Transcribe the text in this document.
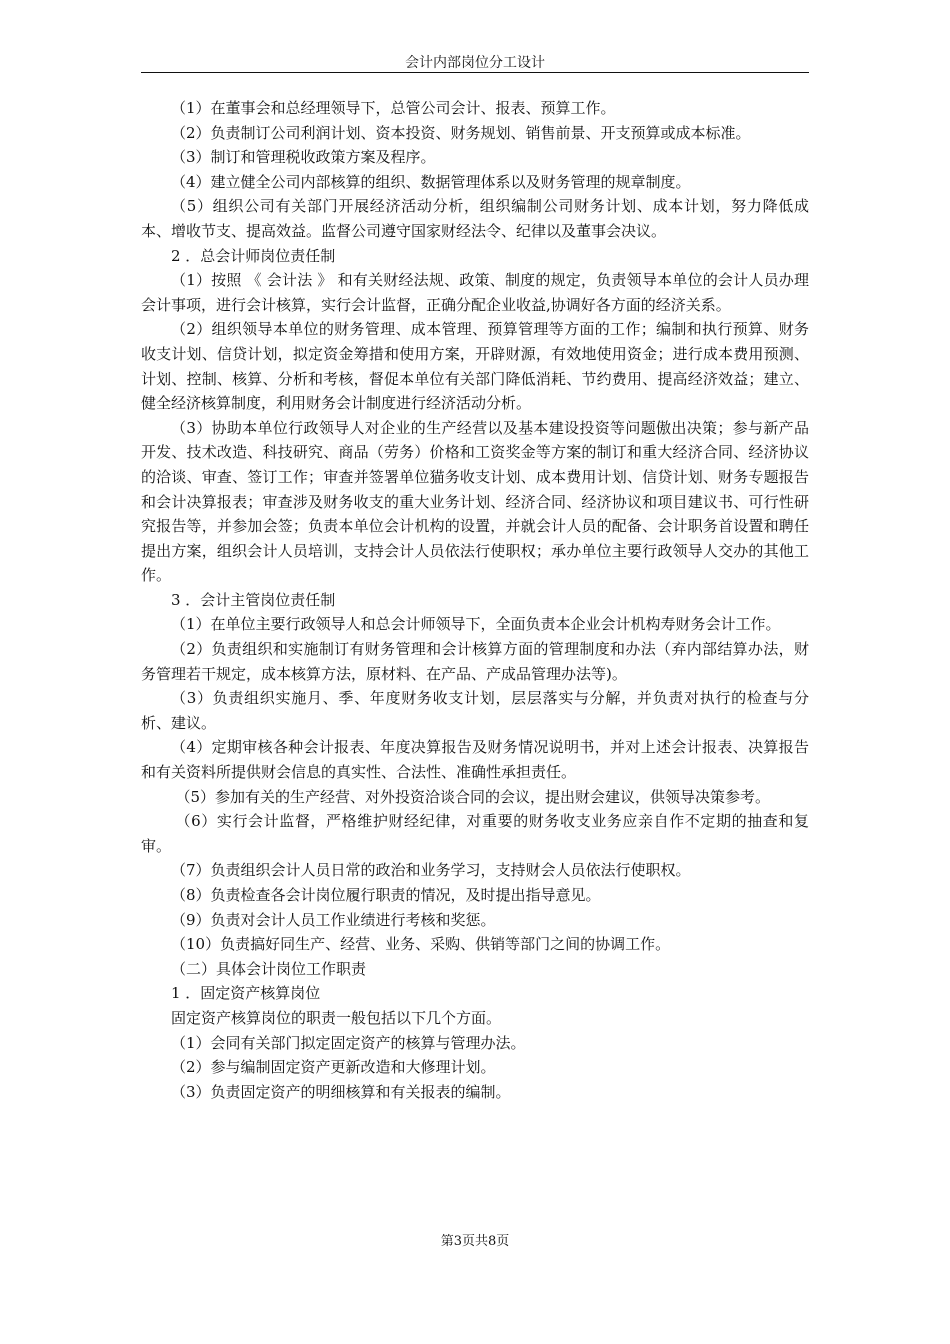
会计内部岗位分工设计

（1）在董事会和总经理领导下，总管公司会计、报表、预算工作。

（2）负责制订公司利润计划、资本投资、财务规划、销售前景、开支预算或成本标准。

（3）制订和管理税收政策方案及程序。

（4）建立健全公司内部核算的组织、数据管理体系以及财务管理的规章制度。

（5）组织公司有关部门开展经济活动分析，组织编制公司财务计划、成本计划，努力降低成本、增收节支、提高效益。监督公司遵守国家财经法令、纪律以及董事会决议。

2 ．总会计师岗位责任制

（1）按照 《 会计法 》 和有关财经法规、政策、制度的规定，负责领导本单位的会计人员办理会计事项，进行会计核算，实行会计监督，正确分配企业收益,协调好各方面的经济关系。

（2）组织领导本单位的财务管理、成本管理、预算管理等方面的工作；编制和执行预算、财务收支计划、信贷计划，拟定资金筹措和使用方案，开辟财源，有效地使用资金；进行成本费用预测、计划、控制、核算、分析和考核，督促本单位有关部门降低消耗、节约费用、提高经济效益；建立、健全经济核算制度，利用财务会计制度进行经济活动分析。

（3）协助本单位行政领导人对企业的生产经营以及基本建设投资等问题傲出决策；参与新产品开发、技术改造、科技研究、商品（劳务）价格和工资奖金等方案的制订和重大经济合同、经济协议的洽谈、审查、签订工作；审查并签署单位猫务收支计划、成本费用计划、信贷计划、财务专题报告和会计决算报表；审查涉及财务收支的重大业务计划、经济合同、经济协议和项目建议书、可行性研究报告等，并参加会签；负责本单位会计机构的设置，并就会计人员的配备、会计职务首设置和聘任提出方案，组织会计人员培训，支持会计人员依法行使职权；承办单位主要行政领导人交办的其他工作。

3 ．会计主管岗位责任制

（1）在单位主要行政领导人和总会计师领导下，全面负责本企业会计机构寿财务会计工作。

（2）负责组织和实施制订有财务管理和会计核算方面的管理制度和办法（弃内部结算办法，财务管理若干规定，成本核算方法，原材料、在产品、产成品管理办法等)。

（3）负责组织实施月、季、年度财务收支计划，层层落实与分解，并负责对执行的检查与分析、建议。

（4）定期审核各种会计报表、年度决算报告及财务情况说明书，并对上述会计报表、决算报告和有关资料所提供财会信息的真实性、合法性、准确性承担责任。

（5）参加有关的生产经营、对外投资洽谈合同的会议，提出财会建议，供领导决策参考。

（6）实行会计监督，严格维护财经纪律，对重要的财务收支业务应亲自作不定期的抽查和复审。

（7）负责组织会计人员日常的政治和业务学习，支持财会人员依法行使职权。

（8）负责检查各会计岗位履行职责的情况，及时提出指导意见。

（9）负责对会计人员工作业绩进行考核和奖惩。

（10）负责搞好同生产、经营、业务、采购、供销等部门之间的协调工作。

（二）具体会计岗位工作职责

1 ．固定资产核算岗位

固定资产核算岗位的职责一般包括以下几个方面。

（1）会同有关部门拟定固定资产的核算与管理办法。

（2）参与编制固定资产更新改造和大修理计划。

（3）负责固定资产的明细核算和有关报表的编制。

第3页共8页
